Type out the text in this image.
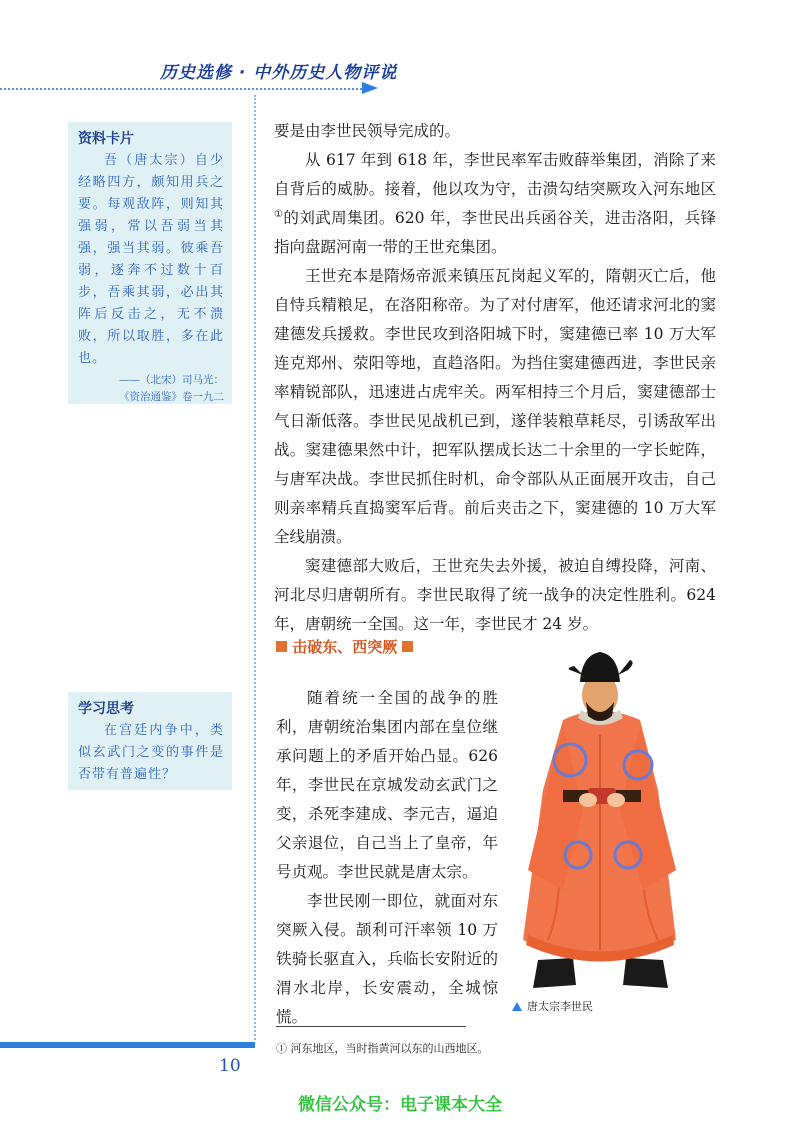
历史选修 · 中外历史人物评说
资料卡片
吾（唐太宗）自少经略四方，颇知用兵之要。每观敌阵，则知其强弱，常以吾弱当其强，强当其弱。彼乘吾弱，逐奔不过数十百步，吾乘其弱，必出其阵后反击之，无不溃败，所以取胜，多在此也。
——（北宋）司马光：
《资治通鉴》卷一九二
学习思考
在宫廷内争中，类似玄武门之变的事件是否带有普遍性？

要是由李世民领导完成的。

从 617 年到 618 年，李世民率军击败薛举集团，消除了来自背后的威胁。接着，他以攻为守，击溃勾结突厥攻入河东地区①的刘武周集团。620 年，李世民出兵函谷关，进击洛阳，兵锋指向盘踞河南一带的王世充集团。

王世充本是隋炀帝派来镇压瓦岗起义军的，隋朝灭亡后，他自恃兵精粮足，在洛阳称帝。为了对付唐军，他还请求河北的窦建德发兵援救。李世民攻到洛阳城下时，窦建德已率 10 万大军连克郑州、荥阳等地，直趋洛阳。为挡住窦建德西进，李世民亲率精锐部队，迅速进占虎牢关。两军相持三个月后，窦建德部士气日渐低落。李世民见战机已到，遂佯装粮草耗尽，引诱敌军出战。窦建德果然中计，把军队摆成长达二十余里的一字长蛇阵，与唐军决战。李世民抓住时机，命令部队从正面展开攻击，自己则亲率精兵直捣窦军后背。前后夹击之下，窦建德的 10 万大军全线崩溃。

窦建德部大败后，王世充失去外援，被迫自缚投降，河南、河北尽归唐朝所有。李世民取得了统一战争的决定性胜利。624 年，唐朝统一全国。这一年，李世民才 24 岁。

击破东、西突厥

随着统一全国的战争的胜利，唐朝统治集团内部在皇位继承问题上的矛盾开始凸显。626 年，李世民在京城发动玄武门之变，杀死李建成、李元吉，逼迫父亲退位，自己当上了皇帝，年号贞观。李世民就是唐太宗。

李世民刚一即位，就面对东突厥入侵。颉利可汗率领 10 万铁骑长驱直入，兵临长安附近的渭水北岸，长安震动，全城惊慌。

唐太宗李世民
① 河东地区，当时指黄河以东的山西地区。
10
微信公众号：电子课本大全
